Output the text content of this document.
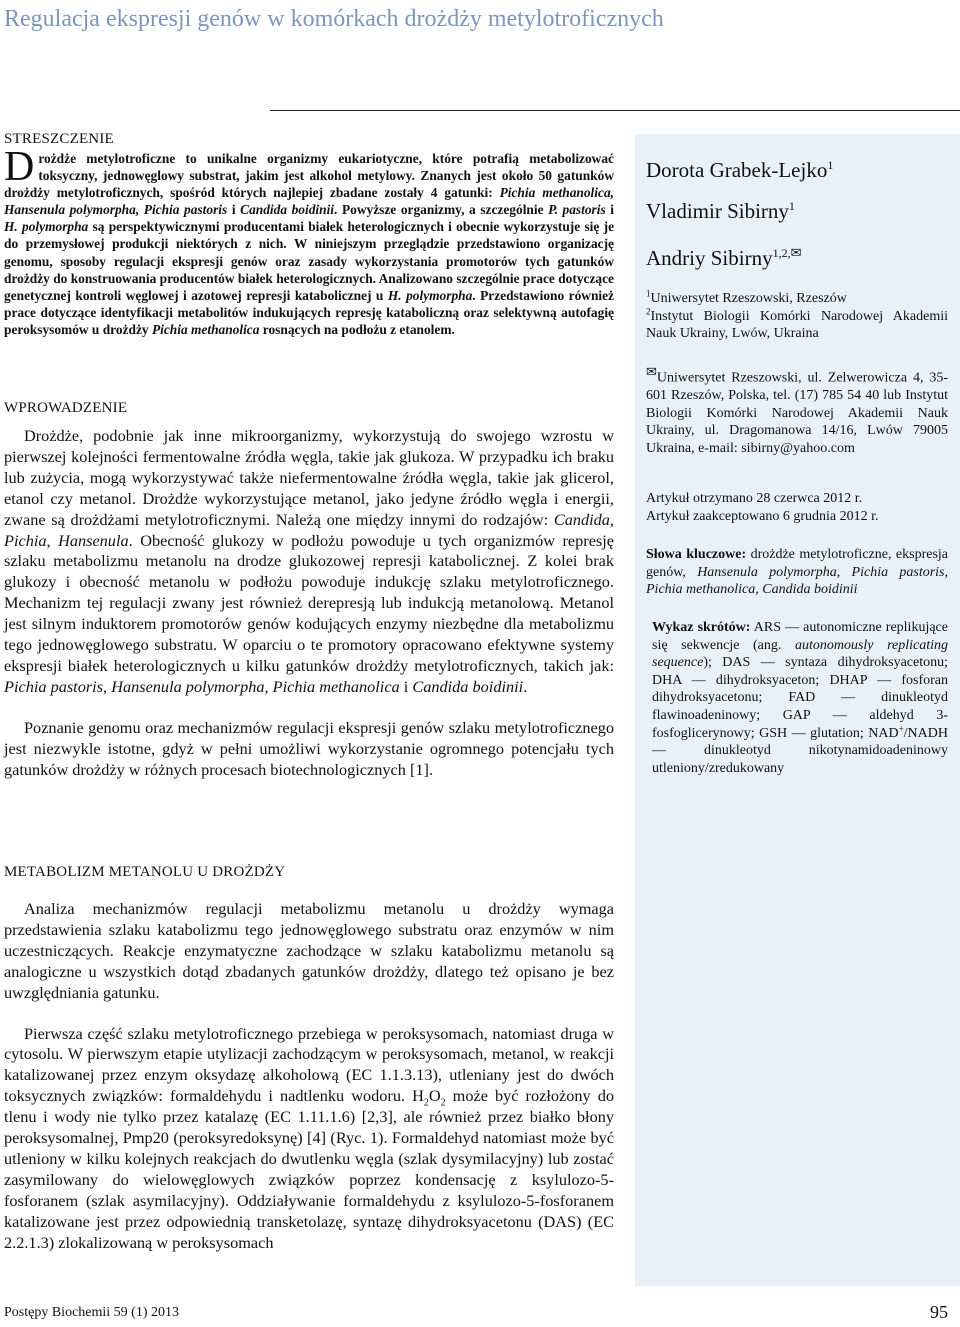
Regulacja ekspresji genów w komórkach drożdży metylotroficznych
Dorota Grabek-Lejko$^1$
Vladimir Sibirny$^1$
Andriy Sibirny$^{1,2,✉}$
$^1$Uniwersytet Rzeszowski, Rzeszów
$^2$Instytut Biologii Komórki Narodowej Akademii Nauk Ukrainy, Lwów, Ukraina
✉Uniwersytet Rzeszowski, ul. Zelwerowicza 4, 35-601 Rzeszów, Polska, tel. (17) 785 54 40 lub Instytut Biologii Komórki Narodowej Akademii Nauk Ukrainy, ul. Dragomanowa 14/16, Lwów 79005 Ukraina, e-mail: sibirny@yahoo.com
Artykuł otrzymano 28 czerwca 2012 r.
Artykuł zaakceptowano 6 grudnia 2012 r.
Słowa kluczowe: drożdże metylotroficzne, ekspresja genów, Hansenula polymorpha, Pichia pastoris, Pichia methanolica, Candida boidinii
Wykaz skrótów: ARS — autonomiczne replikujące się sekwencje (ang. autonomously replicating sequence); DAS — syntaza dihydroksyacetonu; DHA — dihydroksyaceton; DHAP — fosforan dihydroksyacetonu; FAD — dinukleotyd flawinoadeninowy; GAP — aldehyd 3-fosfoglicerynowy; GSH — glutation; NAD+/NADH — dinukleotyd nikotynamidoadeninowy utleniony/zredukowany
STRESZCZENIE
Drożdże metylotroficzne to unikalne organizmy eukariotyczne, które potrafią metabolizować toksyczny, jednowęglowy substrat, jakim jest alkohol metylowy. Znanych jest około 50 gatunków drożdży metylotroficznych, spośród których najlepiej zbadane zostały 4 gatunki: Pichia methanolica, Hansenula polymorpha, Pichia pastoris i Candida boidinii. Powyższe organizmy, a szczególnie P. pastoris i H. polymorpha są perspektywicznymi producentami białek heterologicznych i obecnie wykorzystuje się je do przemysłowej produkcji niektórych z nich. W niniejszym przeglądzie przedstawiono organizację genomu, sposoby regulacji ekspresji genów oraz zasady wykorzystania promotorów tych gatunków drożdży do konstruowania producentów białek heterologicznych. Analizowano szczególnie prace dotyczące genetycznej kontroli węglowej i azotowej represji katabolicznej u H. polymorpha. Przedstawiono również prace dotyczące identyfikacji metabolitów indukujących represję kataboliczną oraz selektywną autofagię peroksysomów u drożdży Pichia methanolica rosnących na podłożu z etanolem.
WPROWADZENIE

Drożdże, podobnie jak inne mikroorganizmy, wykorzystują do swojego wzrostu w pierwszej kolejności fermentowalne źródła węgla, takie jak glukoza. W przypadku ich braku lub zużycia, mogą wykorzystywać także niefermentowalne źródła węgla, takie jak glicerol, etanol czy metanol. Drożdże wykorzystujące metanol, jako jedyne źródło węgla i energii, zwane są drożdżami metylotroficznymi. Należą one między innymi do rodzajów: Candida, Pichia, Hansenula. Obecność glukozy w podłożu powoduje u tych organizmów represję szlaku metabolizmu metanolu na drodze glukozowej represji katabolicznej. Z kolei brak glukozy i obecność metanolu w podłożu powoduje indukcję szlaku metylotroficznego. Mechanizm tej regulacji zwany jest również derepresją lub indukcją metanolową. Metanol jest silnym induktorem promotorów genów kodujących enzymy niezbędne dla metabolizmu tego jednowęglowego substratu. W oparciu o te promotory opracowano efektywne systemy ekspresji białek heterologicznych u kilku gatunków drożdży metylotroficznych, takich jak: Pichia pastoris, Hansenula polymorpha, Pichia methanolica i Candida boidinii.

Poznanie genomu oraz mechanizmów regulacji ekspresji genów szlaku metylotroficznego jest niezwykle istotne, gdyż w pełni umożliwi wykorzystanie ogromnego potencjału tych gatunków drożdży w różnych procesach biotechnologicznych [1].

METABOLIZM METANOLU U DROŻDŻY

Analiza mechanizmów regulacji metabolizmu metanolu u drożdży wymaga przedstawienia szlaku katabolizmu tego jednowęglowego substratu oraz enzymów w nim uczestniczących. Reakcje enzymatyczne zachodzące w szlaku katabolizmu metanolu są analogiczne u wszystkich dotąd zbadanych gatunków drożdży, dlatego też opisano je bez uwzględniania gatunku.

Pierwsza część szlaku metylotroficznego przebiega w peroksysomach, natomiast druga w cytosolu. W pierwszym etapie utylizacji zachodzącym w peroksysomach, metanol, w reakcji katalizowanej przez enzym oksydazę alkoholową (EC 1.1.3.13), utleniany jest do dwóch toksycznych związków: formaldehydu i nadtlenku wodoru. $H_2O_2$ może być rozłożony do tlenu i wody nie tylko przez katalazę (EC 1.11.1.6) [2,3], ale również przez białko błony peroksysomalnej, Pmp20 (peroksyredoksynę) [4] (Ryc. 1). Formaldehyd natomiast może być utleniony w kilku kolejnych reakcjach do dwutlenku węgla (szlak dysymilacyjny) lub zostać zasymilowany do wielowęglowych związków poprzez kondensację z ksylulozo-5-fosforanem (szlak asymilacyjny). Oddziaływanie formaldehydu z ksylulozo-5-fosforanem katalizowane jest przez odpowiednią transketolazę, syntazę dihydroksyacetonu (DAS) (EC 2.2.1.3) zlokalizowaną w peroksysomach

Postępy Biochemii 59 (1) 2013	95
